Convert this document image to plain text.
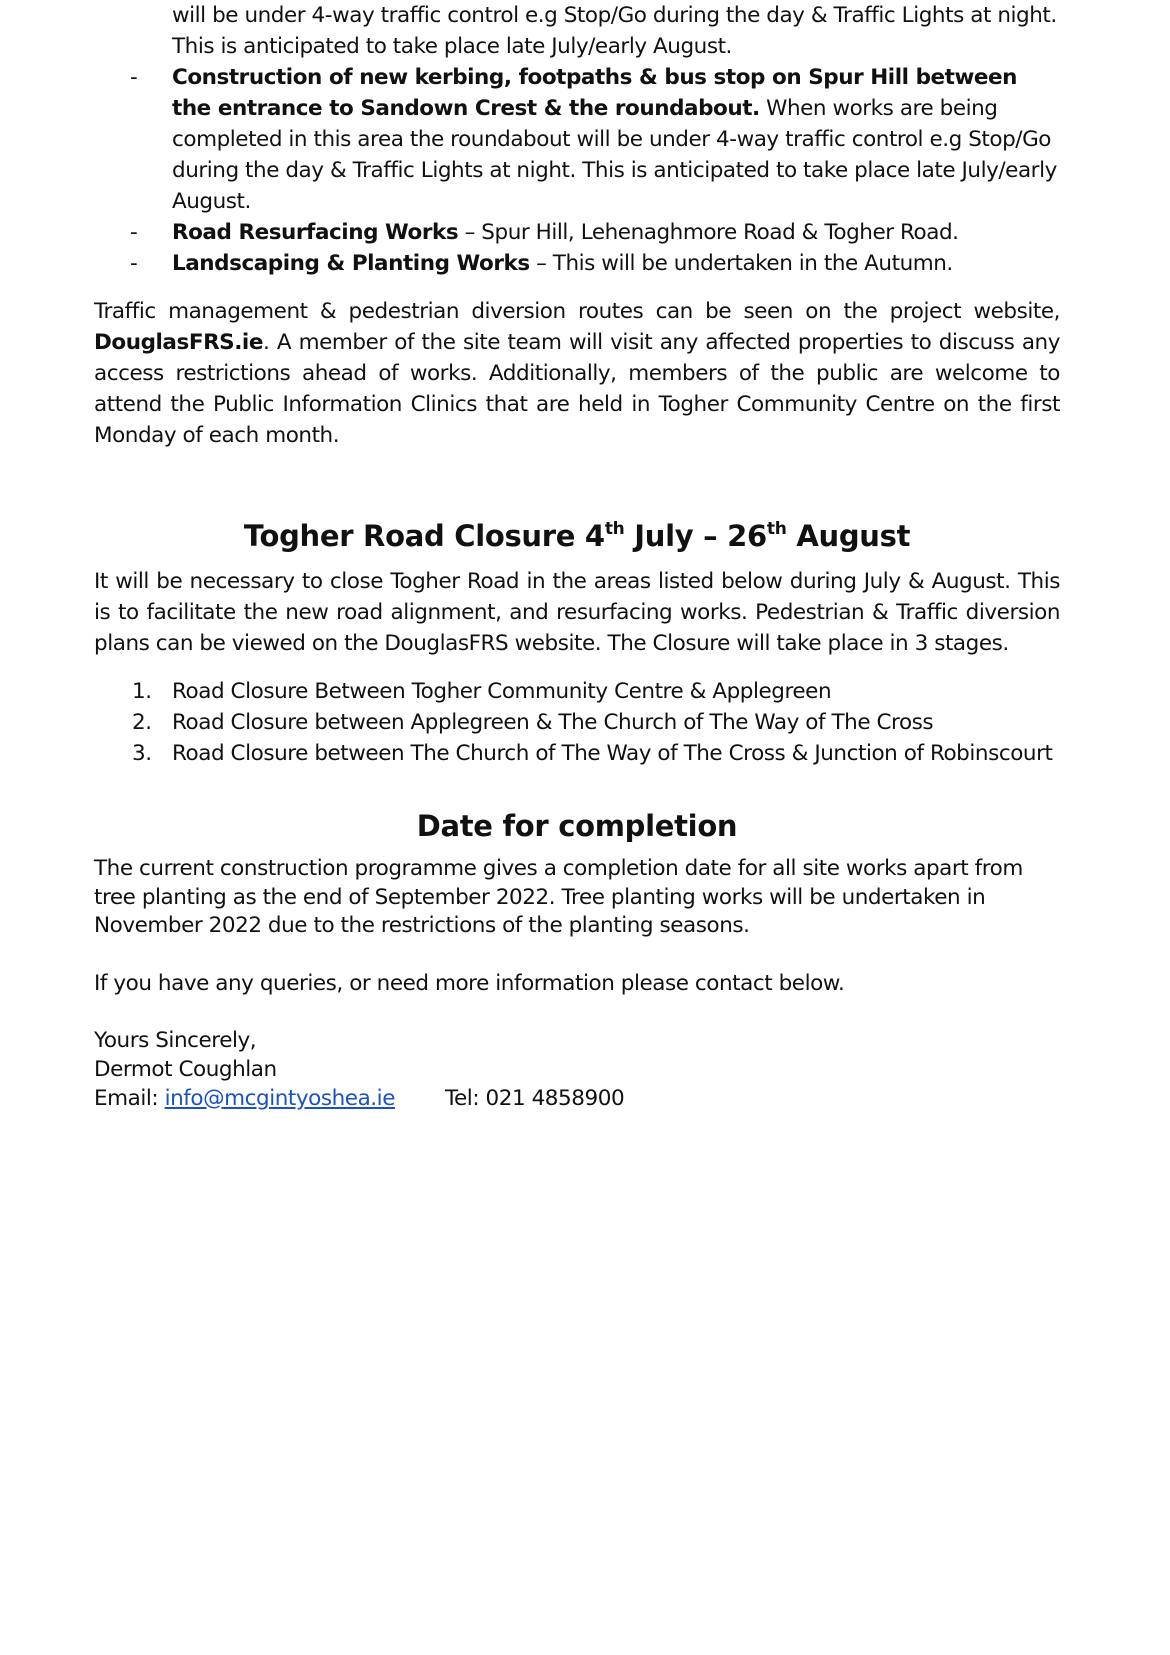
will be under 4-way traffic control e.g Stop/Go during the day & Traffic Lights at night.
This is anticipated to take place late July/early August.
- Construction of new kerbing, footpaths & bus stop on Spur Hill between the entrance to Sandown Crest & the roundabout. When works are being completed in this area the roundabout will be under 4-way traffic control e.g Stop/Go during the day & Traffic Lights at night. This is anticipated to take place late July/early August.
- Road Resurfacing Works – Spur Hill, Lehenaghmore Road & Togher Road.
- Landscaping & Planting Works – This will be undertaken in the Autumn.

Traffic management & pedestrian diversion routes can be seen on the project website, DouglasFRS.ie. A member of the site team will visit any affected properties to discuss any access restrictions ahead of works. Additionally, members of the public are welcome to attend the Public Information Clinics that are held in Togher Community Centre on the first Monday of each month.

Togher Road Closure 4th July – 26th August

It will be necessary to close Togher Road in the areas listed below during July & August. This is to facilitate the new road alignment, and resurfacing works. Pedestrian & Traffic diversion plans can be viewed on the DouglasFRS website. The Closure will take place in 3 stages.

1. Road Closure Between Togher Community Centre & Applegreen
2. Road Closure between Applegreen & The Church of The Way of The Cross
3. Road Closure between The Church of The Way of The Cross & Junction of Robinscourt
Date for completion

The current construction programme gives a completion date for all site works apart from tree planting as the end of September 2022. Tree planting works will be undertaken in November 2022 due to the restrictions of the planting seasons.

If you have any queries, or need more information please contact below.

Yours Sincerely,
Dermot Coughlan
Email: info@mcgintyoshea.ie Tel: 021 4858900
